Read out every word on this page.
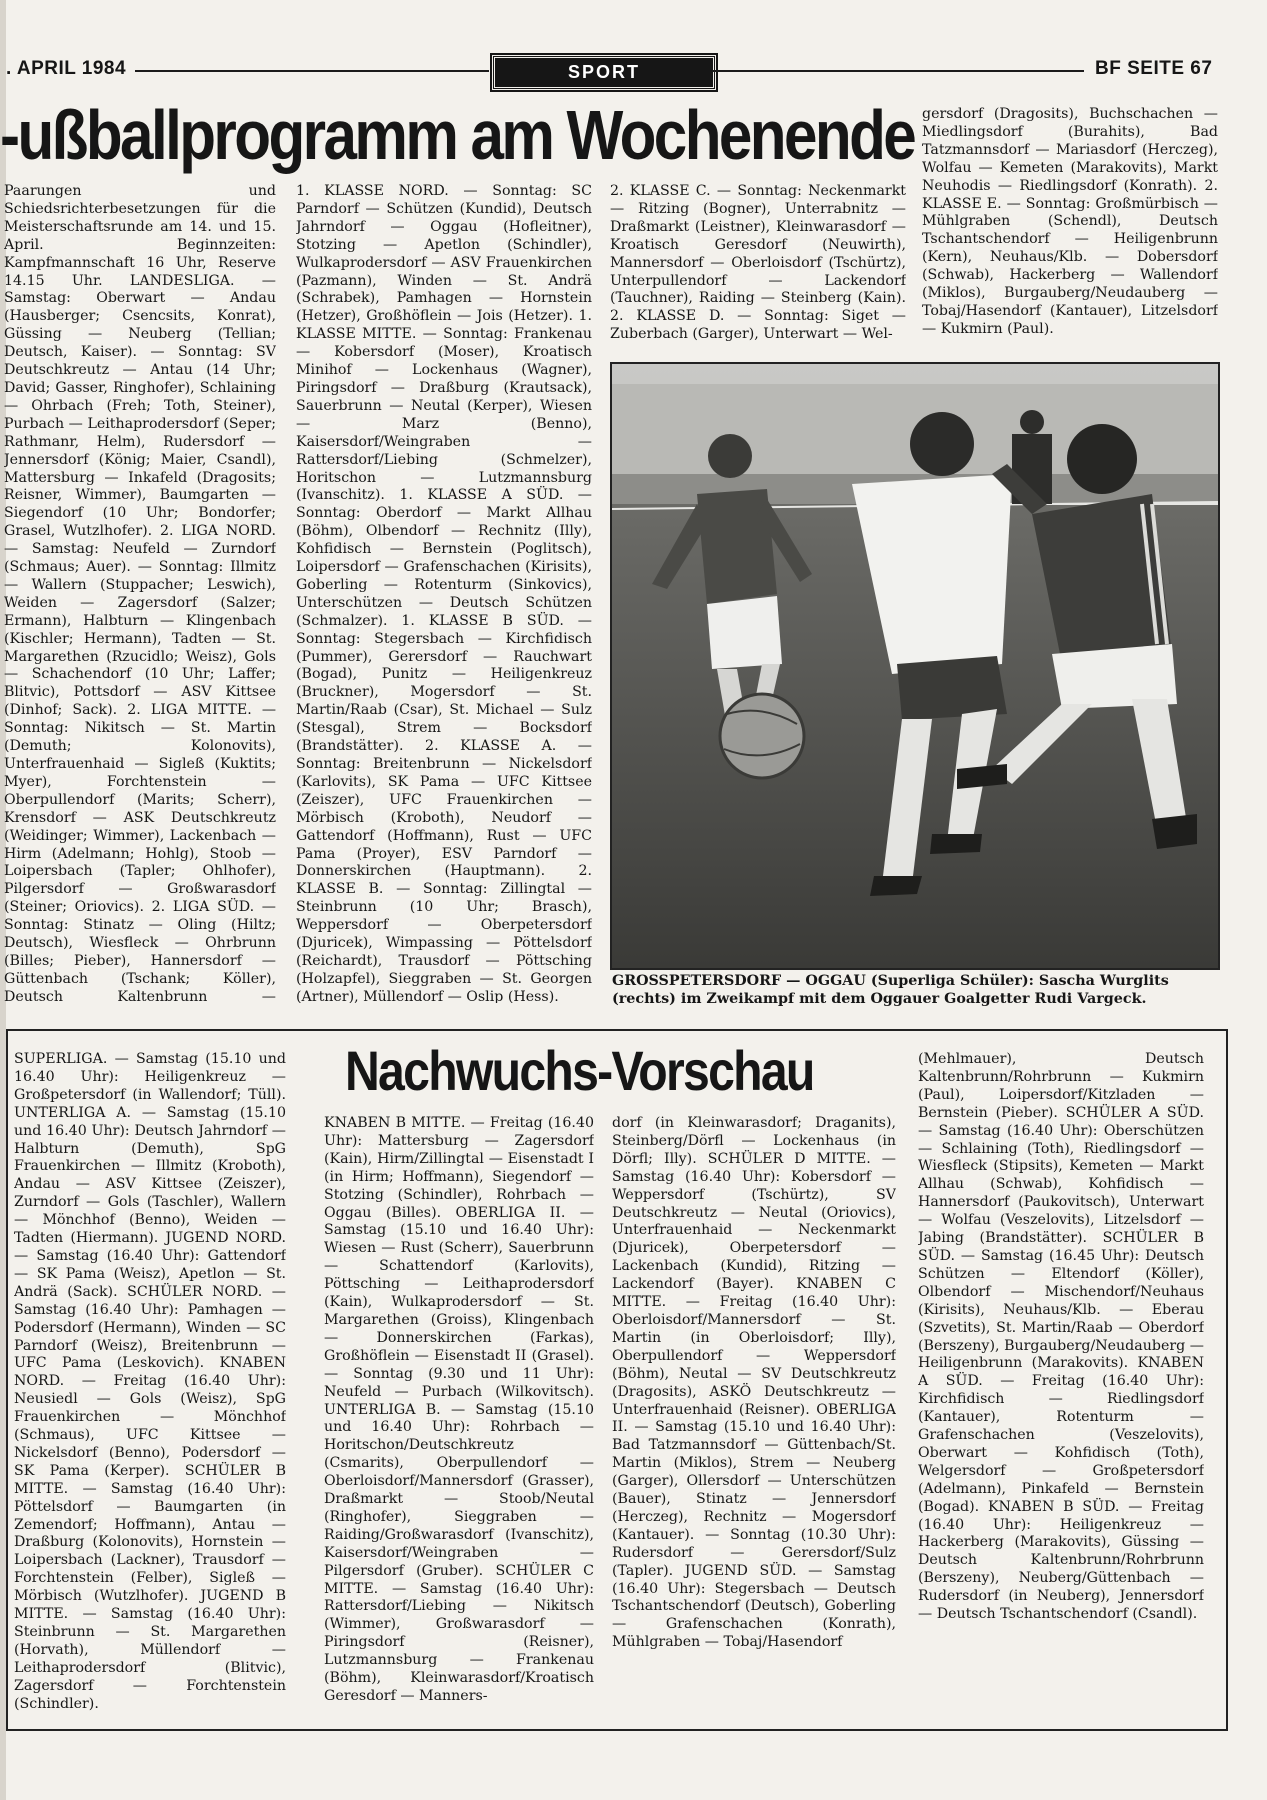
. APRIL 1984	SPORT	BF SEITE 67
-ußballprogramm am Wochenende

Paarungen und Schiedsrichterbesetzungen für die Meisterschaftsrunde am 14. und 15. April. Beginnzeiten: Kampfmannschaft 16 Uhr, Reserve 14.15 Uhr. LANDESLIGA. — Samstag: Oberwart — Andau (Hausberger; Csencsits, Konrat), Güssing — Neuberg (Tellian; Deutsch, Kaiser). — Sonntag: SV Deutschkreutz — Antau (14 Uhr; David; Gasser, Ringhofer), Schlaining — Ohrbach (Freh; Toth, Steiner), Purbach — Leithaprodersdorf (Seper; Rathmanr, Helm), Rudersdorf — Jennersdorf (König; Maier, Csandl), Mattersburg — Inkafeld (Dragosits; Reisner, Wimmer), Baumgarten — Siegendorf (10 Uhr; Bondorfer; Grasel, Wutzlhofer). 2. LIGA NORD. — Samstag: Neufeld — Zurndorf (Schmaus; Auer). — Sonntag: Illmitz — Wallern (Stuppacher; Leswich), Weiden — Zagersdorf (Salzer; Ermann), Halbturn — Klingenbach (Kischler; Hermann), Tadten — St. Margarethen (Rzucidlo; Weisz), Gols — Schachendorf (10 Uhr; Laffer; Blitvic), Pottsdorf — ASV Kittsee (Dinhof; Sack). 2. LIGA MITTE. — Sonntag: Nikitsch — St. Martin (Demuth; Kolonovits), Unterfrauenhaid — Sigleß (Kuktits; Myer), Forchtenstein — Oberpullendorf (Marits; Scherr), Krensdorf — ASK Deutschkreutz (Weidinger; Wimmer), Lackenbach — Hirm (Adelmann; Hohlg), Stoob — Loipersbach (Tapler; Ohlhofer), Pilgersdorf — Großwarasdorf (Steiner; Oriovics). 2. LIGA SÜD. — Sonntag: Stinatz — Oling (Hiltz; Deutsch), Wiesfleck — Ohrbrunn (Billes; Pieber), Hannersdorf — Güttenbach (Tschank; Köller), Deutsch Kaltenbrunn —

1. KLASSE NORD. — Sonntag: SC Parndorf — Schützen (Kundid), Deutsch Jahrndorf — Oggau (Hofleitner), Stotzing — Apetlon (Schindler), Wulkaprodersdorf — ASV Frauenkirchen (Pazmann), Winden — St. Andrä (Schrabek), Pamhagen — Hornstein (Hetzer), Großhöflein — Jois (Hetzer). 1. KLASSE MITTE. — Sonntag: Frankenau — Kobersdorf (Moser), Kroatisch Minihof — Lockenhaus (Wagner), Piringsdorf — Draßburg (Krautsack), Sauerbrunn — Neutal (Kerper), Wiesen — Marz (Benno), Kaisersdorf/Weingraben — Rattersdorf/Liebing (Schmelzer), Horitschon — Lutzmannsburg (Ivanschitz). 1. KLASSE A SÜD. — Sonntag: Oberdorf — Markt Allhau (Böhm), Olbendorf — Rechnitz (Illy), Kohfidisch — Bernstein (Poglitsch), Loipersdorf — Grafenschachen (Kirisits), Goberling — Rotenturm (Sinkovics), Unterschützen — Deutsch Schützen (Schmalzer). 1. KLASSE B SÜD. — Sonntag: Stegersbach — Kirchfidisch (Pummer), Gerersdorf — Rauchwart (Bogad), Punitz — Heiligenkreuz (Bruckner), Mogersdorf — St. Martin/Raab (Csar), St. Michael — Sulz (Stesgal), Strem — Bocksdorf (Brandstätter). 2. KLASSE A. — Sonntag: Breitenbrunn — Nickelsdorf (Karlovits), SK Pama — UFC Kittsee (Zeiszer), UFC Frauenkirchen — Mörbisch (Kroboth), Neudorf — Gattendorf (Hoffmann), Rust — UFC Pama (Proyer), ESV Parndorf — Donnerskirchen (Hauptmann). 2. KLASSE B. — Sonntag: Zillingtal — Steinbrunn (10 Uhr; Brasch), Weppersdorf — Oberpetersdorf (Djuricek), Wimpassing — Pöttelsdorf (Reichardt), Trausdorf — Pöttsching (Holzapfel), Sieggraben — St. Georgen (Artner), Müllendorf — Oslip (Hess).

2. KLASSE C. — Sonntag: Neckenmarkt — Ritzing (Bogner), Unterrabnitz — Draßmarkt (Leistner), Kleinwarasdorf — Kroatisch Geresdorf (Neuwirth), Mannersdorf — Oberloisdorf (Tschürtz), Unterpullendorf — Lackendorf (Tauchner), Raiding — Steinberg (Kain). 2. KLASSE D. — Sonntag: Siget — Zuberbach (Garger), Unterwart — Wel-

gersdorf (Dragosits), Buchschachen — Miedlingsdorf (Burahits), Bad Tatzmannsdorf — Mariasdorf (Herczeg), Wolfau — Kemeten (Marakovits), Markt Neuhodis — Riedlingsdorf (Konrath). 2. KLASSE E. — Sonntag: Großmürbisch — Mühlgraben (Schendl), Deutsch Tschantschendorf — Heiligenbrunn (Kern), Neuhaus/Klb. — Dobersdorf (Schwab), Hackerberg — Wallendorf (Miklos), Burgauberg/Neudauberg — Tobaj/Hasendorf (Kantauer), Litzelsdorf — Kukmirn (Paul).

GROSSPETERSDORF — OGGAU (Superliga Schüler): Sascha Wurglits (rechts) im Zweikampf mit dem Oggauer Goalgetter Rudi Vargeck.
Nachwuchs-Vorschau

SUPERLIGA. — Samstag (15.10 und 16.40 Uhr): Heiligenkreuz — Großpetersdorf (in Wallendorf; Tüll). UNTERLIGA A. — Samstag (15.10 und 16.40 Uhr): Deutsch Jahrndorf — Halbturn (Demuth), SpG Frauenkirchen — Illmitz (Kroboth), Andau — ASV Kittsee (Zeiszer), Zurndorf — Gols (Taschler), Wallern — Mönchhof (Benno), Weiden — Tadten (Hiermann). JUGEND NORD. — Samstag (16.40 Uhr): Gattendorf — SK Pama (Weisz), Apetlon — St. Andrä (Sack). SCHÜLER NORD. — Samstag (16.40 Uhr): Pamhagen — Podersdorf (Hermann), Winden — SC Parndorf (Weisz), Breitenbrunn — UFC Pama (Leskovich). KNABEN NORD. — Freitag (16.40 Uhr): Neusiedl — Gols (Weisz), SpG Frauenkirchen — Mönchhof (Schmaus), UFC Kittsee — Nickelsdorf (Benno), Podersdorf — SK Pama (Kerper). SCHÜLER B MITTE. — Samstag (16.40 Uhr): Pöttelsdorf — Baumgarten (in Zemendorf; Hoffmann), Antau — Draßburg (Kolonovits), Hornstein — Loipersbach (Lackner), Trausdorf — Forchtenstein (Felber), Sigleß — Mörbisch (Wutzlhofer). JUGEND B MITTE. — Samstag (16.40 Uhr): Steinbrunn — St. Margarethen (Horvath), Müllendorf — Leithaprodersdorf (Blitvic), Zagersdorf — Forchtenstein (Schindler).

KNABEN B MITTE. — Freitag (16.40 Uhr): Mattersburg — Zagersdorf (Kain), Hirm/Zillingtal — Eisenstadt I (in Hirm; Hoffmann), Siegendorf — Stotzing (Schindler), Rohrbach — Oggau (Billes). OBERLIGA II. — Samstag (15.10 und 16.40 Uhr): Wiesen — Rust (Scherr), Sauerbrunn — Schattendorf (Karlovits), Pöttsching — Leithaprodersdorf (Kain), Wulkaprodersdorf — St. Margarethen (Groiss), Klingenbach — Donnerskirchen (Farkas), Großhöflein — Eisenstadt II (Grasel). — Sonntag (9.30 und 11 Uhr): Neufeld — Purbach (Wilkovitsch). UNTERLIGA B. — Samstag (15.10 und 16.40 Uhr): Rohrbach — Horitschon/Deutschkreutz (Csmarits), Oberpullendorf — Oberloisdorf/Mannersdorf (Grasser), Draßmarkt — Stoob/Neutal (Ringhofer), Sieggraben — Raiding/Großwarasdorf (Ivanschitz), Kaisersdorf/Weingraben — Pilgersdorf (Gruber). SCHÜLER C MITTE. — Samstag (16.40 Uhr): Rattersdorf/Liebing — Nikitsch (Wimmer), Großwarasdorf — Piringsdorf (Reisner), Lutzmannsburg — Frankenau (Böhm), Kleinwarasdorf/Kroatisch Geresdorf — Manners-

dorf (in Kleinwarasdorf; Draganits), Steinberg/Dörfl — Lockenhaus (in Dörfl; Illy). SCHÜLER D MITTE. — Samstag (16.40 Uhr): Kobersdorf — Weppersdorf (Tschürtz), SV Deutschkreutz — Neutal (Oriovics), Unterfrauenhaid — Neckenmarkt (Djuricek), Oberpetersdorf — Lackenbach (Kundid), Ritzing — Lackendorf (Bayer). KNABEN C MITTE. — Freitag (16.40 Uhr): Oberloisdorf/Mannersdorf — St. Martin (in Oberloisdorf; Illy), Oberpullendorf — Weppersdorf (Böhm), Neutal — SV Deutschkreutz (Dragosits), ASKÖ Deutschkreutz — Unterfrauenhaid (Reisner). OBERLIGA II. — Samstag (15.10 und 16.40 Uhr): Bad Tatzmannsdorf — Güttenbach/St. Martin (Miklos), Strem — Neuberg (Garger), Ollersdorf — Unterschützen (Bauer), Stinatz — Jennersdorf (Herczeg), Rechnitz — Mogersdorf (Kantauer). — Sonntag (10.30 Uhr): Rudersdorf — Gerersdorf/Sulz (Tapler). JUGEND SÜD. — Samstag (16.40 Uhr): Stegersbach — Deutsch Tschantschendorf (Deutsch), Goberling — Grafenschachen (Konrath), Mühlgraben — Tobaj/Hasendorf

(Mehlmauer), Deutsch Kaltenbrunn/Rohrbrunn — Kukmirn (Paul), Loipersdorf/Kitzladen — Bernstein (Pieber). SCHÜLER A SÜD. — Samstag (16.40 Uhr): Oberschützen — Schlaining (Toth), Riedlingsdorf — Wiesfleck (Stipsits), Kemeten — Markt Allhau (Schwab), Kohfidisch — Hannersdorf (Paukovitsch), Unterwart — Wolfau (Veszelovits), Litzelsdorf — Jabing (Brandstätter). SCHÜLER B SÜD. — Samstag (16.45 Uhr): Deutsch Schützen — Eltendorf (Köller), Olbendorf — Mischendorf/Neuhaus (Kirisits), Neuhaus/Klb. — Eberau (Szvetits), St. Martin/Raab — Oberdorf (Berszeny), Burgauberg/Neudauberg — Heiligenbrunn (Marakovits). KNABEN A SÜD. — Freitag (16.40 Uhr): Kirchfidisch — Riedlingsdorf (Kantauer), Rotenturm — Grafenschachen (Veszelovits), Oberwart — Kohfidisch (Toth), Welgersdorf — Großpetersdorf (Adelmann), Pinkafeld — Bernstein (Bogad). KNABEN B SÜD. — Freitag (16.40 Uhr): Heiligenkreuz — Hackerberg (Marakovits), Güssing — Deutsch Kaltenbrunn/Rohrbrunn (Berszeny), Neuberg/Güttenbach — Rudersdorf (in Neuberg), Jennersdorf — Deutsch Tschantschendorf (Csandl).
